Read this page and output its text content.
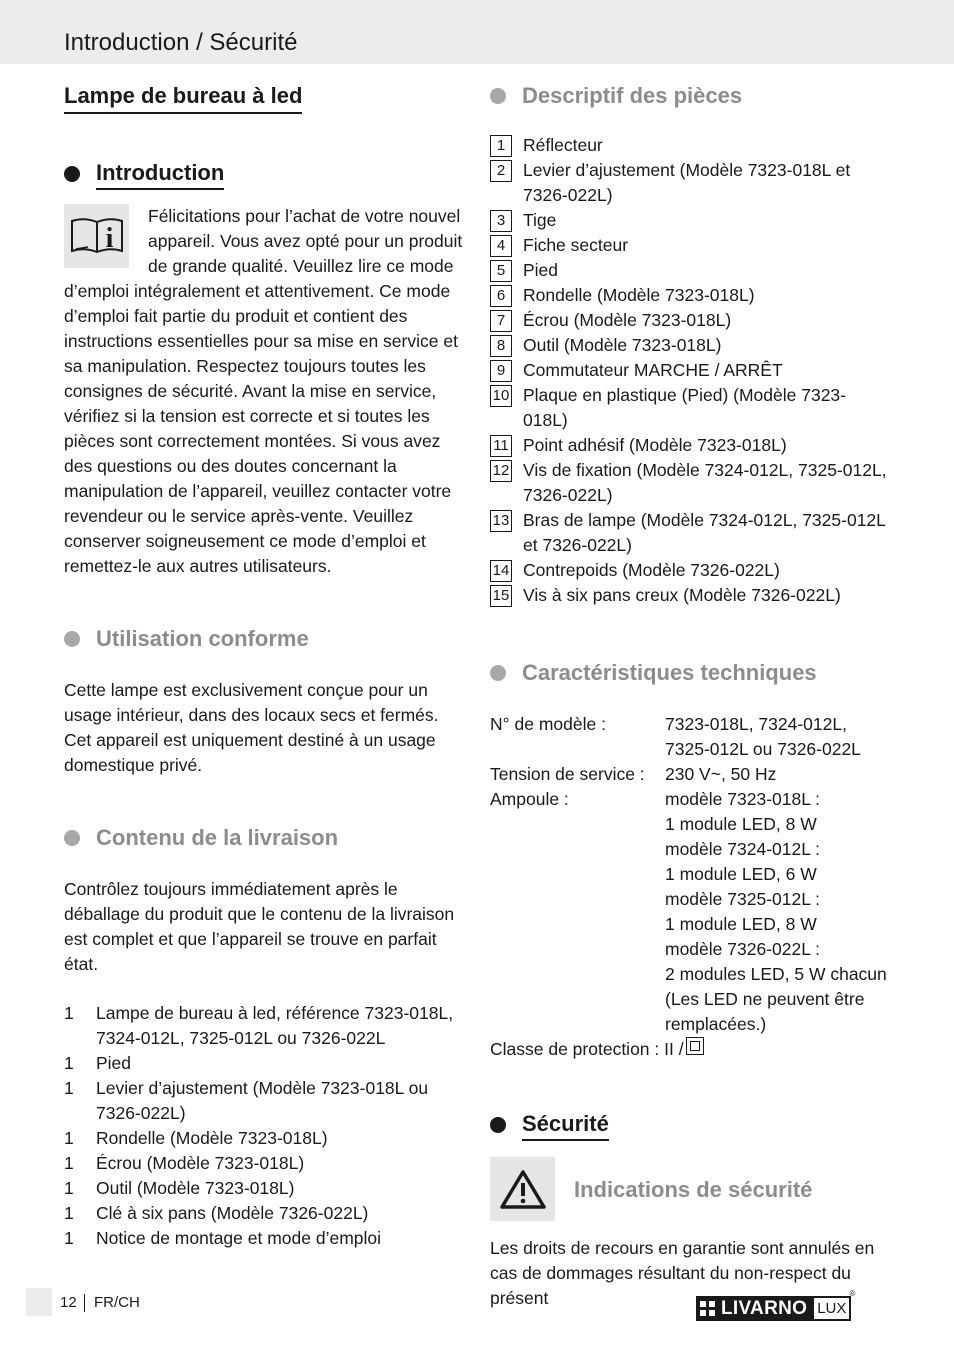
Introduction / Sécurité
Lampe de bureau à led
Introduction
i

Félicitations pour l’achat de votre nouvel appareil. Vous avez opté pour un produit de grande qualité. Veuillez lire ce mode d’emploi intégralement et attentivement. Ce mode d’emploi fait partie du produit et contient des instructions essentielles pour sa mise en service et sa manipulation. Respectez toujours toutes les consignes de sécurité. Avant la mise en service, vérifiez si la tension est correcte et si toutes les pièces sont correctement montées. Si vous avez des questions ou des doutes concernant la manipulation de l’appareil, veuillez contacter votre revendeur ou le service après-vente. Veuillez conserver soigneusement ce mode d’emploi et remettez-le aux autres utilisateurs.

Utilisation conforme

Cette lampe est exclusivement conçue pour un usage intérieur, dans des locaux secs et fermés. Cet appareil est uniquement destiné à un usage domestique privé.

Contenu de la livraison

Contrôlez toujours immédiatement après le déballage du produit que le contenu de la livraison est complet et que l’appareil se trouve en parfait état.

1	Lampe de bureau à led, référence 7323-018L, 7324-012L, 7325-012L ou 7326-022L
1	Pied
1	Levier d’ajustement (Modèle 7323-018L ou 7326-022L)
1	Rondelle (Modèle 7323-018L)
1	Écrou (Modèle 7323-018L)
1	Outil (Modèle 7323-018L)
1	Clé à six pans (Modèle 7326-022L)
1	Notice de montage et mode d’emploi
Descriptif des pièces
1	Réflecteur
2	Levier d’ajustement (Modèle 7323-018L et 7326-022L)
3	Tige
4	Fiche secteur
5	Pied
6	Rondelle (Modèle 7323-018L)
7	Écrou (Modèle 7323-018L)
8	Outil (Modèle 7323-018L)
9	Commutateur MARCHE / ARRÊT
10 Plaque en plastique (Pied) (Modèle 7323-018L)
11 Point adhésif (Modèle 7323-018L)
12 Vis de fixation (Modèle 7324-012L, 7325-012L, 7326-022L)
13 Bras de lampe (Modèle 7324-012L, 7325-012L et 7326-022L)
14 Contrepoids (Modèle 7326-022L)
15 Vis à six pans creux (Modèle 7326-022L)
Caractéristiques techniques
N° de modèle :	7323-018L, 7324-012L,
7325-012L ou 7326-022L
Tension de service :	230 V~, 50 Hz
Ampoule :	modèle 7323-018L :
1 module LED, 8 W
modèle 7324-012L :
1 module LED, 6 W
modèle 7325-012L :
1 module LED, 8 W
modèle 7326-022L :
2 modules LED, 5 W chacun
(Les LED ne peuvent être
remplacées.)
Classe de protection :
II /
Sécurité
Indications de sécurité

Les droits de recours en garantie sont annulés en cas de dommages résultant du non-respect du présent

12 FR/CH	LIVARNO LUX
®
